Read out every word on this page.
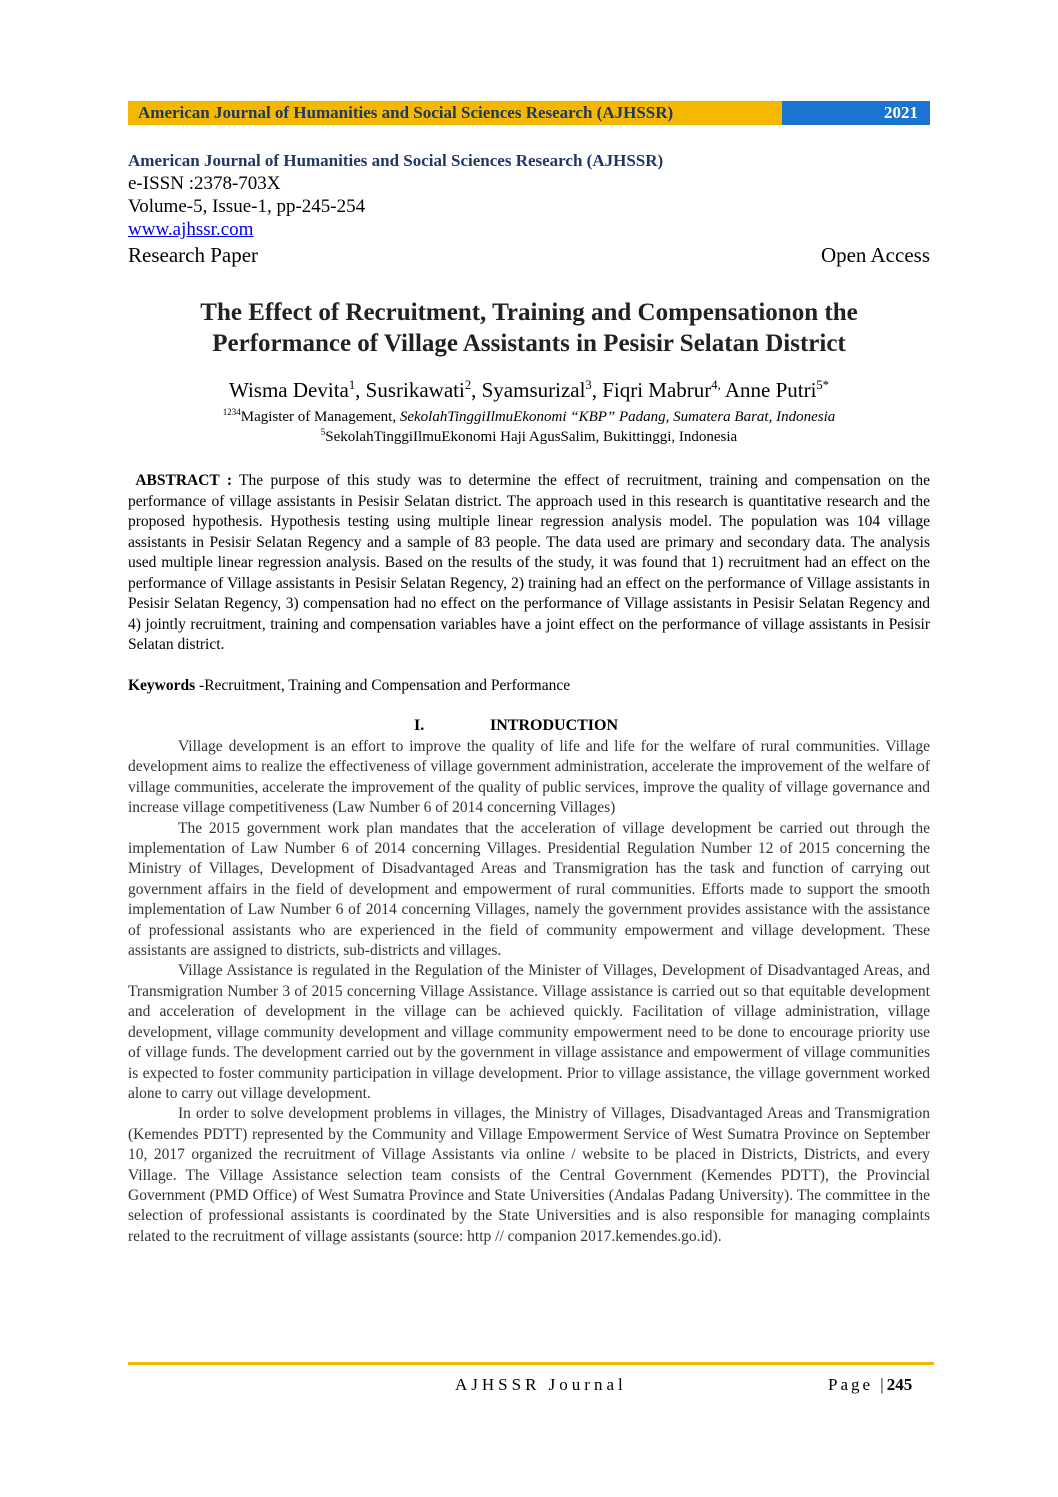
American Journal of Humanities and Social Sciences Research (AJHSSR)	2021
American Journal of Humanities and Social Sciences Research (AJHSSR)
e-ISSN :2378-703X
Volume-5, Issue-1, pp-245-254
www.ajhssr.com
Research Paper	Open Access
The Effect of Recruitment, Training and Compensationon the
Performance of Village Assistants in Pesisir Selatan District
Wisma Devita$^1$, Susrikawati$^2$, Syamsurizal$^3$, Fiqri Mabrur$^{4,}$ Anne Putri$^{5*}$
$^{1234}$Magister of Management, SekolahTinggiIlmuEkonomi “KBP” Padang, Sumatera Barat, Indonesia
$^5$SekolahTinggiIlmuEkonomi Haji AgusSalim, Bukittinggi, Indonesia
ABSTRACT : The purpose of this study was to determine the effect of recruitment, training and compensation on the performance of village assistants in Pesisir Selatan district. The approach used in this research is quantitative research and the proposed hypothesis. Hypothesis testing using multiple linear regression analysis model. The population was 104 village assistants in Pesisir Selatan Regency and a sample of 83 people. The data used are primary and secondary data. The analysis used multiple linear regression analysis. Based on the results of the study, it was found that 1) recruitment had an effect on the performance of Village assistants in Pesisir Selatan Regency, 2) training had an effect on the performance of Village assistants in Pesisir Selatan Regency, 3) compensation had no effect on the performance of Village assistants in Pesisir Selatan Regency and 4) jointly recruitment, training and compensation variables have a joint effect on the performance of village assistants in Pesisir Selatan district.
Keywords -Recruitment, Training and Compensation and Performance
I.	INTRODUCTION

Village development is an effort to improve the quality of life and life for the welfare of rural communities. Village development aims to realize the effectiveness of village government administration, accelerate the improvement of the welfare of village communities, accelerate the improvement of the quality of public services, improve the quality of village governance and increase village competitiveness (Law Number 6 of 2014 concerning Villages)

The 2015 government work plan mandates that the acceleration of village development be carried out through the implementation of Law Number 6 of 2014 concerning Villages. Presidential Regulation Number 12 of 2015 concerning the Ministry of Villages, Development of Disadvantaged Areas and Transmigration has the task and function of carrying out government affairs in the field of development and empowerment of rural communities. Efforts made to support the smooth implementation of Law Number 6 of 2014 concerning Villages, namely the government provides assistance with the assistance of professional assistants who are experienced in the field of community empowerment and village development. These assistants are assigned to districts, sub-districts and villages.

Village Assistance is regulated in the Regulation of the Minister of Villages, Development of Disadvantaged Areas, and Transmigration Number 3 of 2015 concerning Village Assistance. Village assistance is carried out so that equitable development and acceleration of development in the village can be achieved quickly. Facilitation of village administration, village development, village community development and village community empowerment need to be done to encourage priority use of village funds. The development carried out by the government in village assistance and empowerment of village communities is expected to foster community participation in village development. Prior to village assistance, the village government worked alone to carry out village development.

In order to solve development problems in villages, the Ministry of Villages, Disadvantaged Areas and Transmigration (Kemendes PDTT) represented by the Community and Village Empowerment Service of West Sumatra Province on September 10, 2017 organized the recruitment of Village Assistants via online / website to be placed in Districts, Districts, and every Village. The Village Assistance selection team consists of the Central Government (Kemendes PDTT), the Provincial Government (PMD Office) of West Sumatra Province and State Universities (Andalas Padang University). The committee in the selection of professional assistants is coordinated by the State Universities and is also responsible for managing complaints related to the recruitment of village assistants (source: http // companion 2017.kemendes.go.id).

AJHSSR Journal	Page |245
